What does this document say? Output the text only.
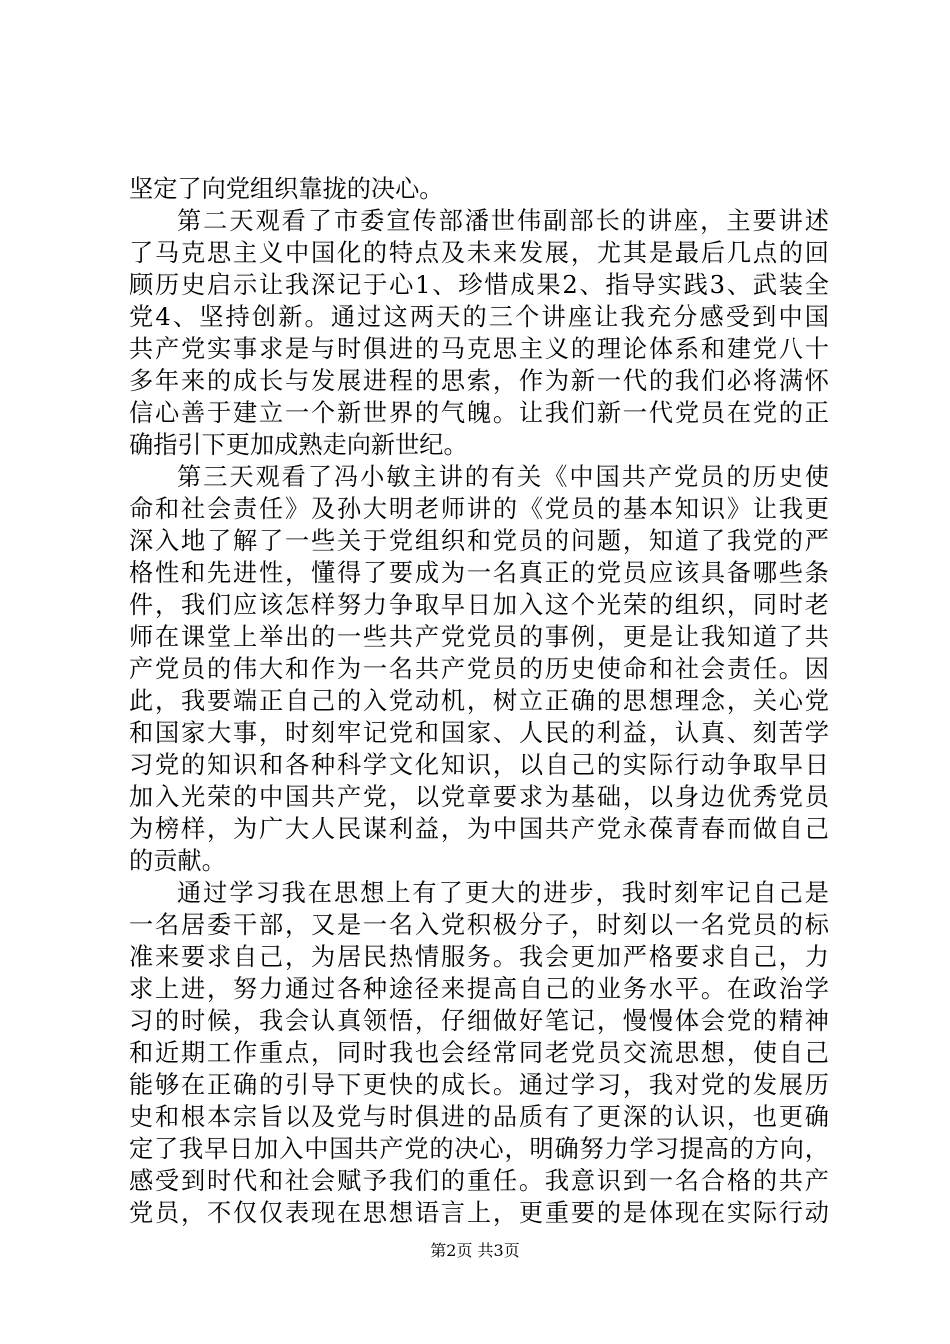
坚定了向党组织靠拢的决心。
第二天观看了市委宣传部潘世伟副部长的讲座，主要讲述
了马克思主义中国化的特点及未来发展，尤其是最后几点的回
顾历史启示让我深记于心1、珍惜成果2、指导实践3、武装全
党4、坚持创新。通过这两天的三个讲座让我充分感受到中国
共产党实事求是与时俱进的马克思主义的理论体系和建党八十
多年来的成长与发展进程的思索，作为新一代的我们必将满怀
信心善于建立一个新世界的气魄。让我们新一代党员在党的正
确指引下更加成熟走向新世纪。
第三天观看了冯小敏主讲的有关《中国共产党员的历史使
命和社会责任》及孙大明老师讲的《党员的基本知识》让我更
深入地了解了一些关于党组织和党员的问题，知道了我党的严
格性和先进性，懂得了要成为一名真正的党员应该具备哪些条
件，我们应该怎样努力争取早日加入这个光荣的组织，同时老
师在课堂上举出的一些共产党党员的事例，更是让我知道了共
产党员的伟大和作为一名共产党员的历史使命和社会责任。因
此，我要端正自己的入党动机，树立正确的思想理念，关心党
和国家大事，时刻牢记党和国家、人民的利益，认真、刻苦学
习党的知识和各种科学文化知识，以自己的实际行动争取早日
加入光荣的中国共产党，以党章要求为基础，以身边优秀党员
为榜样，为广大人民谋利益，为中国共产党永葆青春而做自己
的贡献。
通过学习我在思想上有了更大的进步，我时刻牢记自己是
一名居委干部，又是一名入党积极分子，时刻以一名党员的标
准来要求自己，为居民热情服务。我会更加严格要求自己，力
求上进，努力通过各种途径来提高自己的业务水平。在政治学
习的时候，我会认真领悟，仔细做好笔记，慢慢体会党的精神
和近期工作重点，同时我也会经常同老党员交流思想，使自己
能够在正确的引导下更快的成长。通过学习，我对党的发展历
史和根本宗旨以及党与时俱进的品质有了更深的认识，也更确
定了我早日加入中国共产党的决心，明确努力学习提高的方向，
感受到时代和社会赋予我们的重任。我意识到一名合格的共产
党员，不仅仅表现在思想语言上，更重要的是体现在实际行动
第2页 共3页
